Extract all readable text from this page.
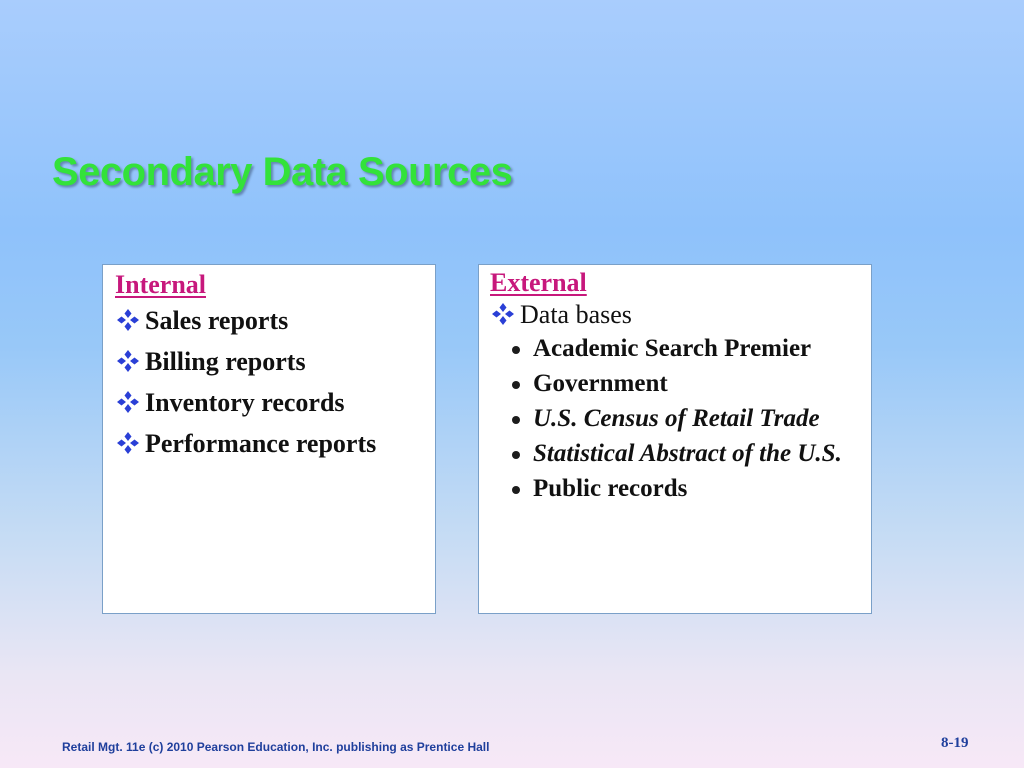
Secondary Data Sources
Internal
Sales reports
Billing reports
Inventory records
Performance reports
External
Data bases
Academic Search Premier
Government
U.S. Census of Retail Trade
Statistical Abstract of the U.S.
Public records
Retail Mgt. 11e (c) 2010 Pearson Education, Inc. publishing as Prentice Hall	8-19
